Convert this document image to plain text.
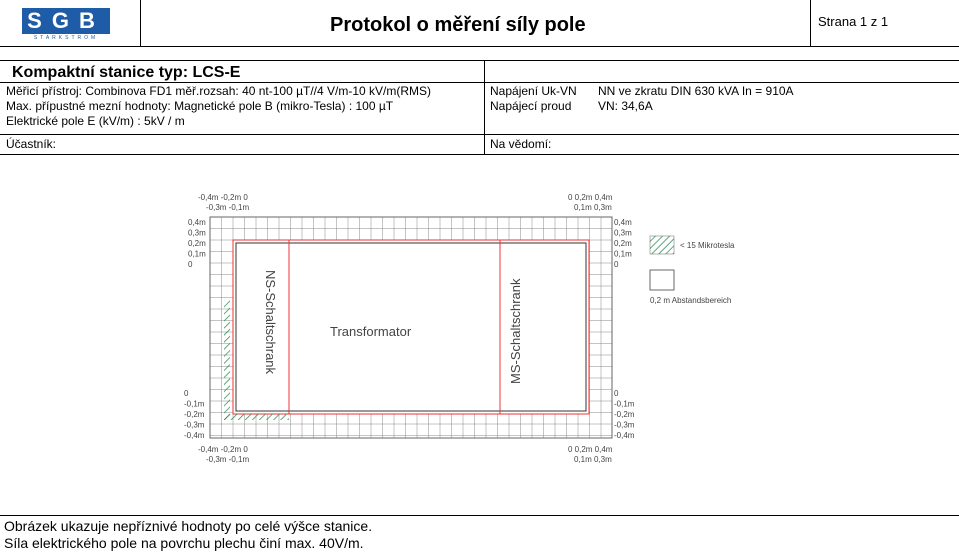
SGB
STARKSTROM
Protokol o měření síly pole	Strana 1 z 1
Kompaktní stanice typ: LCS-E
Měřicí přístroj: Combinova FD1 měř.rozsah: 40 nt-100 µT//4 V/m-10 kV/m(RMS)
Max. přípustné mezní hodnoty: Magnetické pole B (mikro-Tesla) : 100 µT
Elektrické pole E (kV/m) : 5kV / m
Napájení Uk-VN NN ve zkratu DIN 630 kVA In = 910A
Napájecí proud VN: 34,6A
Účastník:	Na vědomí:
NS-Schaltschrank	Transformator	MS-Schaltschrank
-0,4m -0,2m 0
-0,3m -0,1m
0 0,2m 0,4m
0,1m 0,3m
-0,4m -0,2m 0
-0,3m -0,1m
0 0,2m 0,4m
0,1m 0,3m
0,4m
0,3m
0,2m
0,1m
0
0,4m
0,3m
0,2m
0,1m
0
0
-0,1m
-0,2m
-0,3m
-0,4m
0
-0,1m
-0,2m
-0,3m
-0,4m
< 15 Mikrotesla
0,2 m Abstandsbereich
Obrázek ukazuje nepříznivé hodnoty po celé výšce stanice.
Síla elektrického pole na povrchu plechu činí max. 40V/m.
